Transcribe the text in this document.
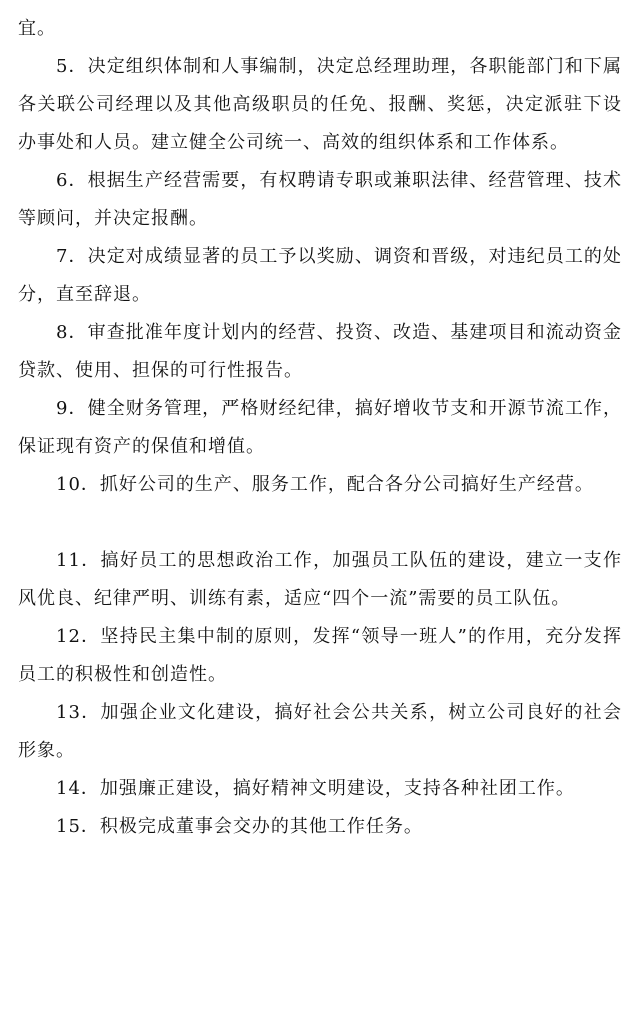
宜。

5．决定组织体制和人事编制，决定总经理助理，各职能部门和下属各关联公司经理以及其他高级职员的任免、报酬、奖惩，决定派驻下设办事处和人员。建立健全公司统一、高效的组织体系和工作体系。

6．根据生产经营需要，有权聘请专职或兼职法律、经营管理、技术等顾问，并决定报酬。

7．决定对成绩显著的员工予以奖励、调资和晋级，对违纪员工的处分，直至辞退。

8．审查批准年度计划内的经营、投资、改造、基建项目和流动资金贷款、使用、担保的可行性报告。

9．健全财务管理，严格财经纪律，搞好增收节支和开源节流工作，保证现有资产的保值和增值。

10．抓好公司的生产、服务工作，配合各分公司搞好生产经营。

11．搞好员工的思想政治工作，加强员工队伍的建设，建立一支作风优良、纪律严明、训练有素，适应“四个一流”需要的员工队伍。

12．坚持民主集中制的原则，发挥“领导一班人”的作用，充分发挥员工的积极性和创造性。

13．加强企业文化建设，搞好社会公共关系，树立公司良好的社会形象。

14．加强廉正建设，搞好精神文明建设，支持各种社团工作。

15．积极完成董事会交办的其他工作任务。
